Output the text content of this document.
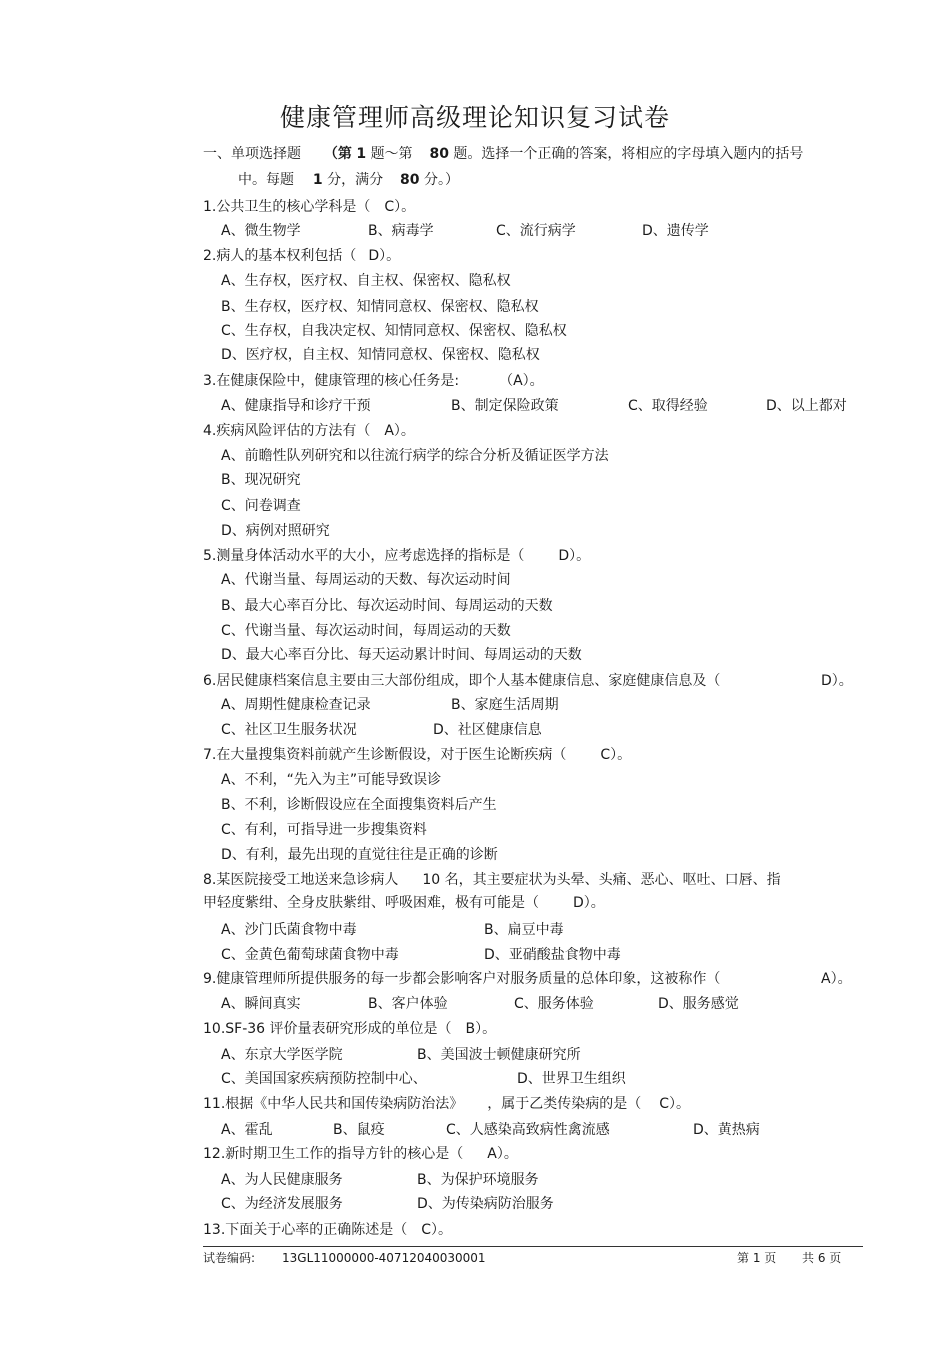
健康管理师高级理论知识复习试卷
一、单项选择题 （第 1 题～第 80 题。选择一个正确的答案，将相应的字母填入题内的括号
中。每题 1 分，满分 80 分。）
1.公共卫生的核心学科是（ C）。
A、微生物学	B、病毒学	C、流行病学	D、遗传学
2.病人的基本权利包括（ D）。
A、生存权，医疗权、自主权、保密权、隐私权
B、生存权，医疗权、知情同意权、保密权、隐私权
C、生存权，自我决定权、知情同意权、保密权、隐私权
D、医疗权，自主权、知情同意权、保密权、隐私权
3.在健康保险中，健康管理的核心任务是:	（A）。
A、健康指导和诊疗干预	B、制定保险政策	C、取得经验	D、以上都对
4.疾病风险评估的方法有（ A）。
A、前瞻性队列研究和以往流行病学的综合分析及循证医学方法
B、现况研究
C、问卷调查
D、病例对照研究
5.测量身体活动水平的大小，应考虑选择的指标是（ D）。
A、代谢当量、每周运动的天数、每次运动时间
B、最大心率百分比、每次运动时间、每周运动的天数
C、代谢当量、每次运动时间，每周运动的天数
D、最大心率百分比、每天运动累计时间、每周运动的天数
6.居民健康档案信息主要由三大部份组成，即个人基本健康信息、家庭健康信息及（	D）。
A、周期性健康检查记录	B、家庭生活周期
C、社区卫生服务状况	D、社区健康信息
7.在大量搜集资料前就产生诊断假设，对于医生论断疾病（ C）。
A、不利，“先入为主”可能导致误诊
B、不利，诊断假设应在全面搜集资料后产生
C、有利，可指导进一步搜集资料
D、有利，最先出现的直觉往往是正确的诊断
8.某医院接受工地送来急诊病人 10 名，其主要症状为头晕、头痛、恶心、呕吐、口唇、指
甲轻度紫绀、全身皮肤紫绀、呼吸困难，极有可能是（ D）。
A、沙门氏菌食物中毒	B、扁豆中毒
C、金黄色葡萄球菌食物中毒	D、亚硝酸盐食物中毒
9.健康管理师所提供服务的每一步都会影响客户对服务质量的总体印象，这被称作（	A）。
A、瞬间真实	B、客户体验	C、服务体验	D、服务感觉
10.SF-36 评价量表研究形成的单位是（ B）。
A、东京大学医学院	B、美国波士顿健康研究所
C、美国国家疾病预防控制中心、	D、世界卫生组织
11.根据《中华人民共和国传染病防治法》 ，属于乙类传染病的是（ C）。
A、霍乱	B、鼠疫	C、人感染高致病性禽流感	D、黄热病
12.新时期卫生工作的指导方针的核心是（ A）。
A、为人民健康服务	B、为保护环境服务
C、为经济发展服务	D、为传染病防治服务
13.下面关于心率的正确陈述是（ C）。
试卷编码: 13GL11000000-40712040030001	第 1 页 共 6 页
